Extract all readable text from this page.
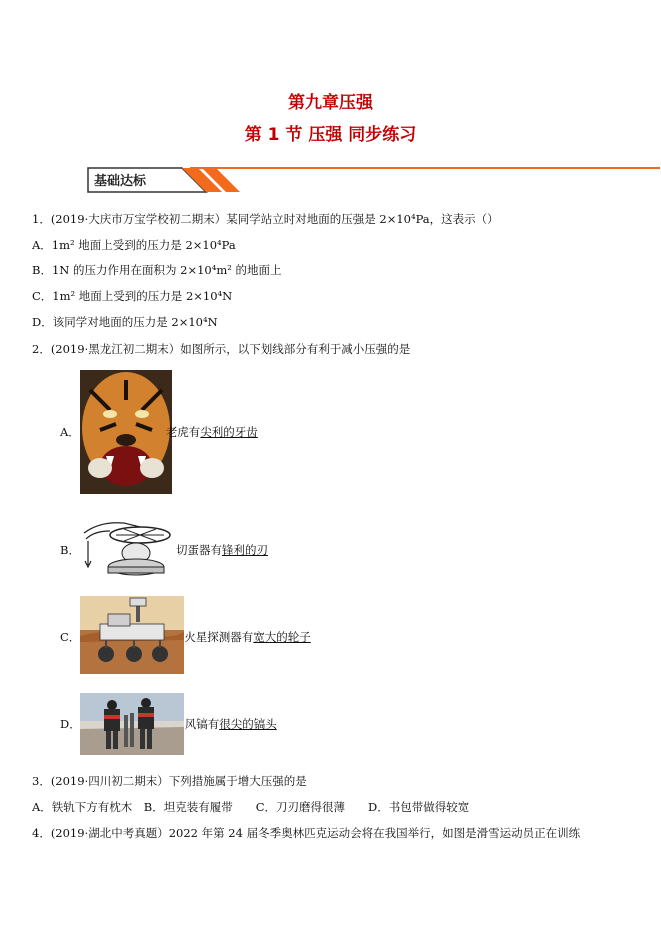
第九章压强
第 1 节 压强 同步练习
基础达标
1．(2019·大庆市万宝学校初二期末）某同学站立时对地面的压强是 2×10⁴Pa，这表示（）
A．1m² 地面上受到的压力是 2×10⁴Pa
B．1N 的压力作用在面积为 2×10⁴m² 的地面上
C．1m² 地面上受到的压力是 2×10⁴N
D．该同学对地面的压力是 2×10⁴N
2．(2019·黑龙江初二期末）如图所示，以下划线部分有利于减小压强的是
A．	老虎有尖利的牙齿
B．	切蛋器有锋利的刃
C．	火星探测器有宽大的轮子
D．	风镐有很尖的镐头
3．(2019·四川初二期末）下列措施属于增大压强的是
A．铁轨下方有枕木　B．坦克装有履带　　C．刀刃磨得很薄　　D．书包带做得较宽
4．(2019·湖北中考真题）2022 年第 24 届冬季奥林匹克运动会将在我国举行，如图是滑雪运动员正在训练
